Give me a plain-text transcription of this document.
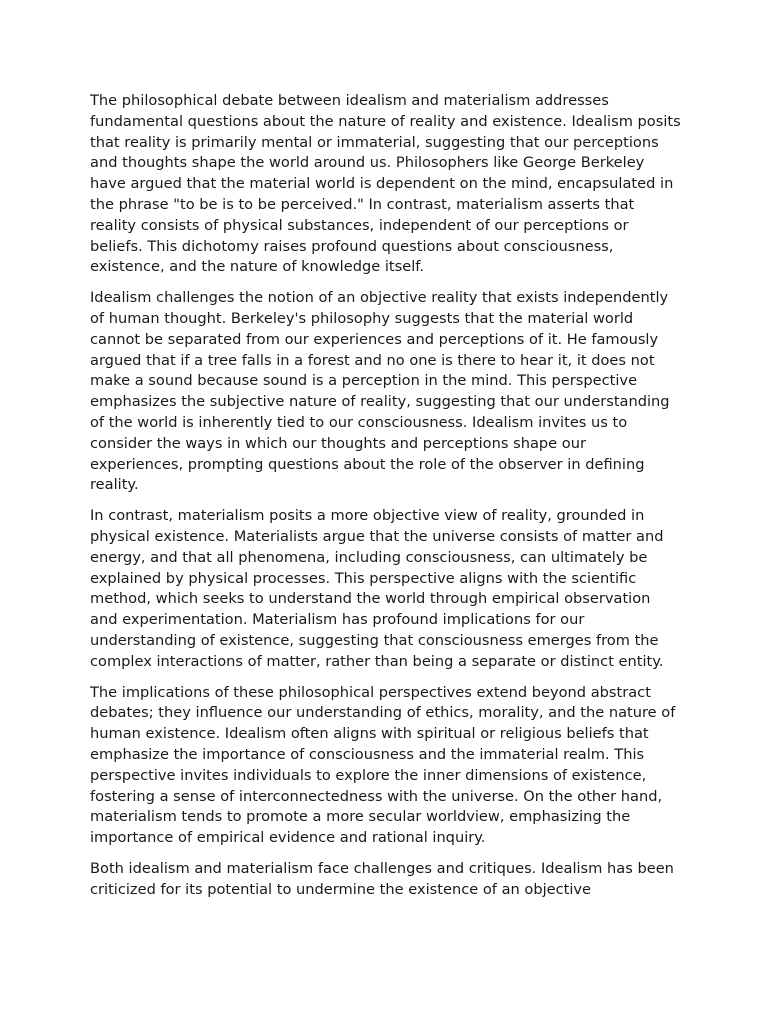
The philosophical debate between idealism and materialism addresses fundamental questions about the nature of reality and existence. Idealism posits that reality is primarily mental or immaterial, suggesting that our perceptions and thoughts shape the world around us. Philosophers like George Berkeley have argued that the material world is dependent on the mind, encapsulated in the phrase "to be is to be perceived." In contrast, materialism asserts that reality consists of physical substances, independent of our perceptions or beliefs. This dichotomy raises profound questions about consciousness, existence, and the nature of knowledge itself.

Idealism challenges the notion of an objective reality that exists independently of human thought. Berkeley's philosophy suggests that the material world cannot be separated from our experiences and perceptions of it. He famously argued that if a tree falls in a forest and no one is there to hear it, it does not make a sound because sound is a perception in the mind. This perspective emphasizes the subjective nature of reality, suggesting that our understanding of the world is inherently tied to our consciousness. Idealism invites us to consider the ways in which our thoughts and perceptions shape our experiences, prompting questions about the role of the observer in defining reality.

In contrast, materialism posits a more objective view of reality, grounded in physical existence. Materialists argue that the universe consists of matter and energy, and that all phenomena, including consciousness, can ultimately be explained by physical processes. This perspective aligns with the scientific method, which seeks to understand the world through empirical observation and experimentation. Materialism has profound implications for our understanding of existence, suggesting that consciousness emerges from the complex interactions of matter, rather than being a separate or distinct entity.

The implications of these philosophical perspectives extend beyond abstract debates; they influence our understanding of ethics, morality, and the nature of human existence. Idealism often aligns with spiritual or religious beliefs that emphasize the importance of consciousness and the immaterial realm. This perspective invites individuals to explore the inner dimensions of existence, fostering a sense of interconnectedness with the universe. On the other hand, materialism tends to promote a more secular worldview, emphasizing the importance of empirical evidence and rational inquiry.

Both idealism and materialism face challenges and critiques. Idealism has been criticized for its potential to undermine the existence of an objective
